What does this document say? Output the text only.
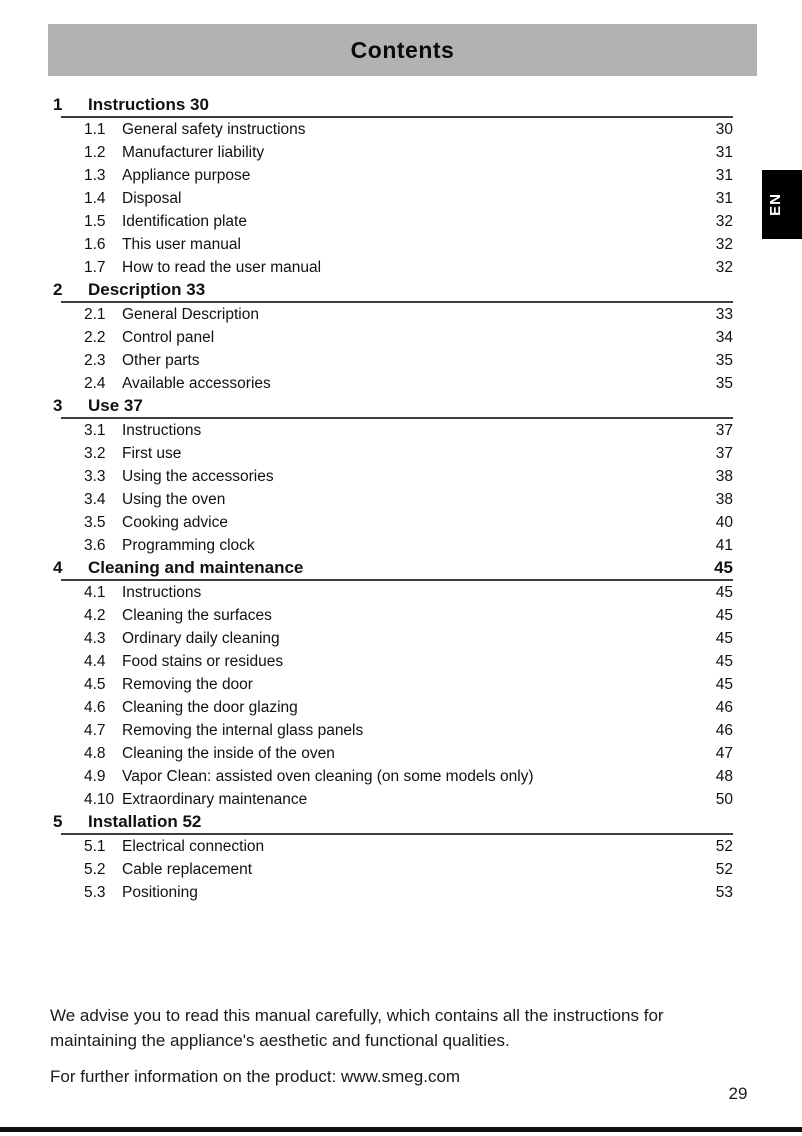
Contents
EN
1	Instructions 30
1.1	General safety instructions	30
1.2	Manufacturer liability	31
1.3	Appliance purpose	31
1.4	Disposal	31
1.5	Identification plate	32
1.6	This user manual	32
1.7	How to read the user manual	32
2	Description 33
2.1	General Description	33
2.2	Control panel	34
2.3	Other parts	35
2.4	Available accessories	35
3	Use 37
3.1	Instructions	37
3.2	First use	37
3.3	Using the accessories	38
3.4	Using the oven	38
3.5	Cooking advice	40
3.6	Programming clock	41
4	Cleaning and maintenance	45
4.1	Instructions	45
4.2	Cleaning the surfaces	45
4.3	Ordinary daily cleaning	45
4.4	Food stains or residues	45
4.5	Removing the door	45
4.6	Cleaning the door glazing	46
4.7	Removing the internal glass panels	46
4.8	Cleaning the inside of the oven	47
4.9	Vapor Clean: assisted oven cleaning (on some models only)	48
4.10 Extraordinary maintenance	50
5	Installation 52
5.1	Electrical connection	52
5.2	Cable replacement	52
5.3	Positioning	53

We advise you to read this manual carefully, which contains all the instructions for maintaining the appliance's aesthetic and functional qualities.

For further information on the product: www.smeg.com

29
